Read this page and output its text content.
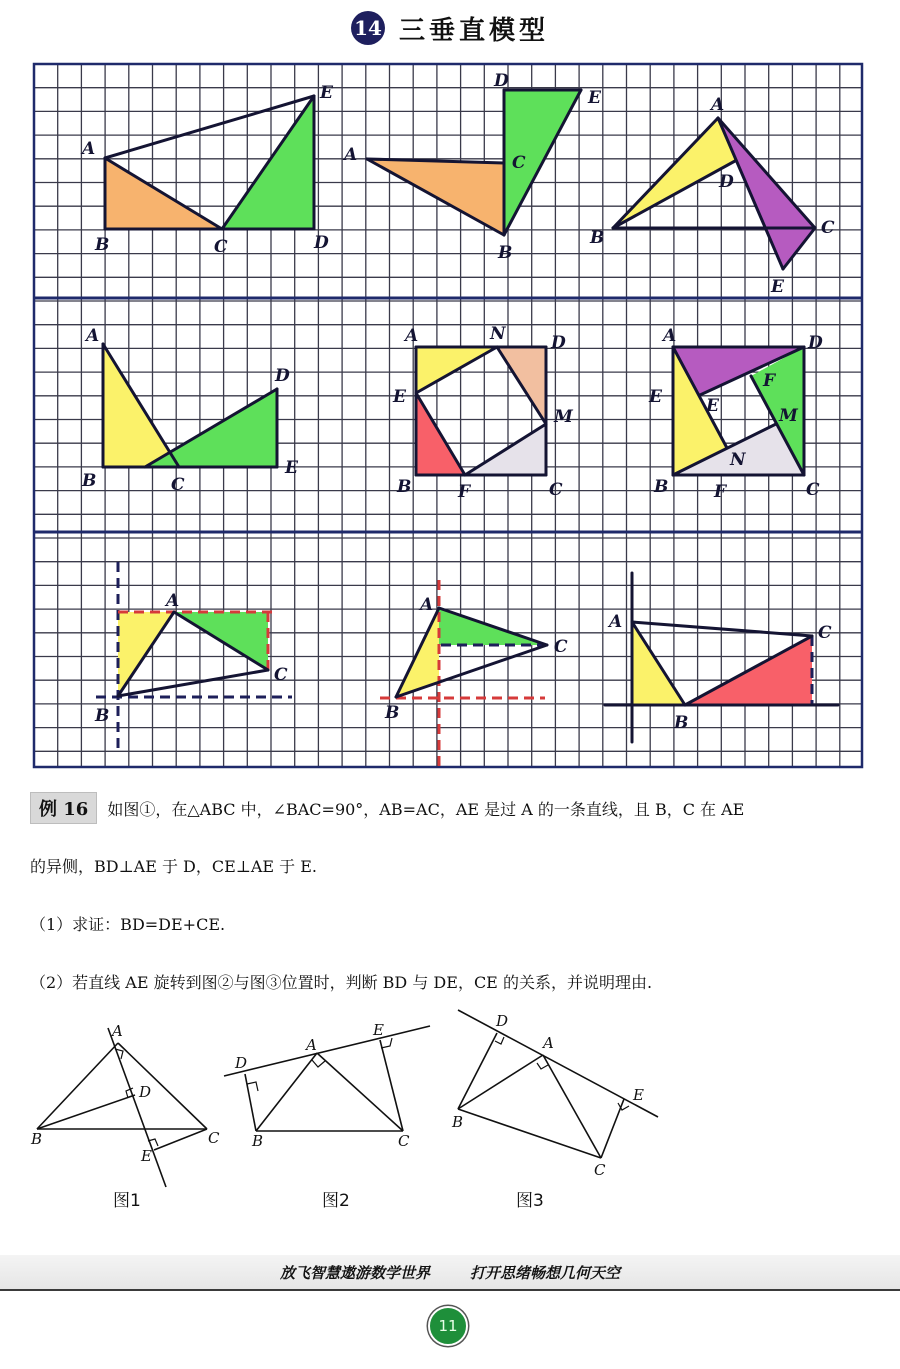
14 三垂直模型
A
E
B	C	D
A
D
E
C
B
A
D
B	C
E
A
D
B	C
E
A	N	D
E
M
B	F	C
A	D
E
F
E	M
N
B	F	C
A
C
B
A
C
B
A
C
B
例 16 如图①，在△ABC 中，∠BAC=90°，AB=AC，AE 是过 A 的一条直线，且 B，C 在 AE
的异侧，BD⊥AE 于 D，CE⊥AE 于 E.
（1）求证：BD=DE+CE.
（2）若直线 AE 旋转到图②与图③位置时，判断 BD 与 DE，CE 的关系，并说明理由.
A
D
B	C
E
图1
D
A
E
B	C
图2
D
A
E
B
C
图3
放飞智慧遨游数学世界	打开思绪畅想几何天空
11
